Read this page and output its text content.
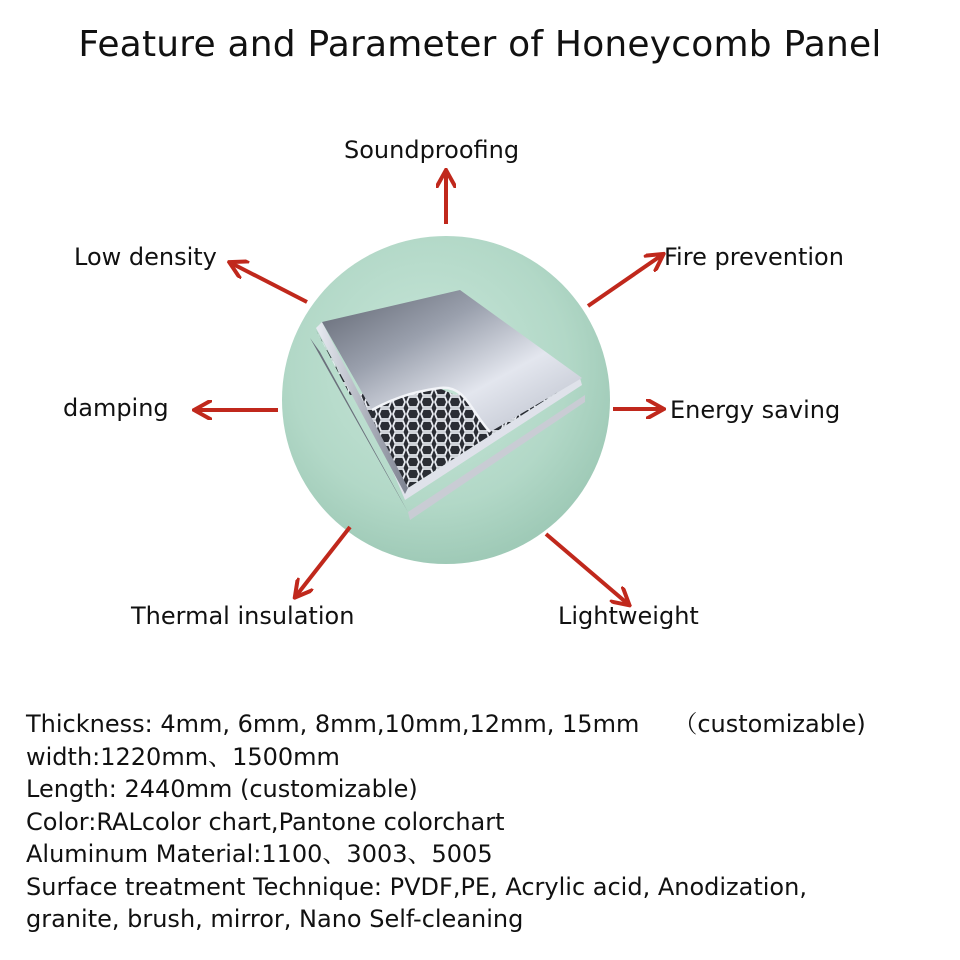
Feature and Parameter of Honeycomb Panel
Soundproofing
Low density	Fire prevention
damping	Energy saving
Thermal insulation	Lightweight
Thickness: 4mm, 6mm, 8mm,10mm,12mm, 15mm （customizable)
width:1220mm、1500mm
Length: 2440mm (customizable)
Color:RALcolor chart,Pantone colorchart
Aluminum Material:1100、3003、5005
Surface treatment Technique: PVDF,PE, Acrylic acid, Anodization,
granite, brush, mirror, Nano Self-cleaning
